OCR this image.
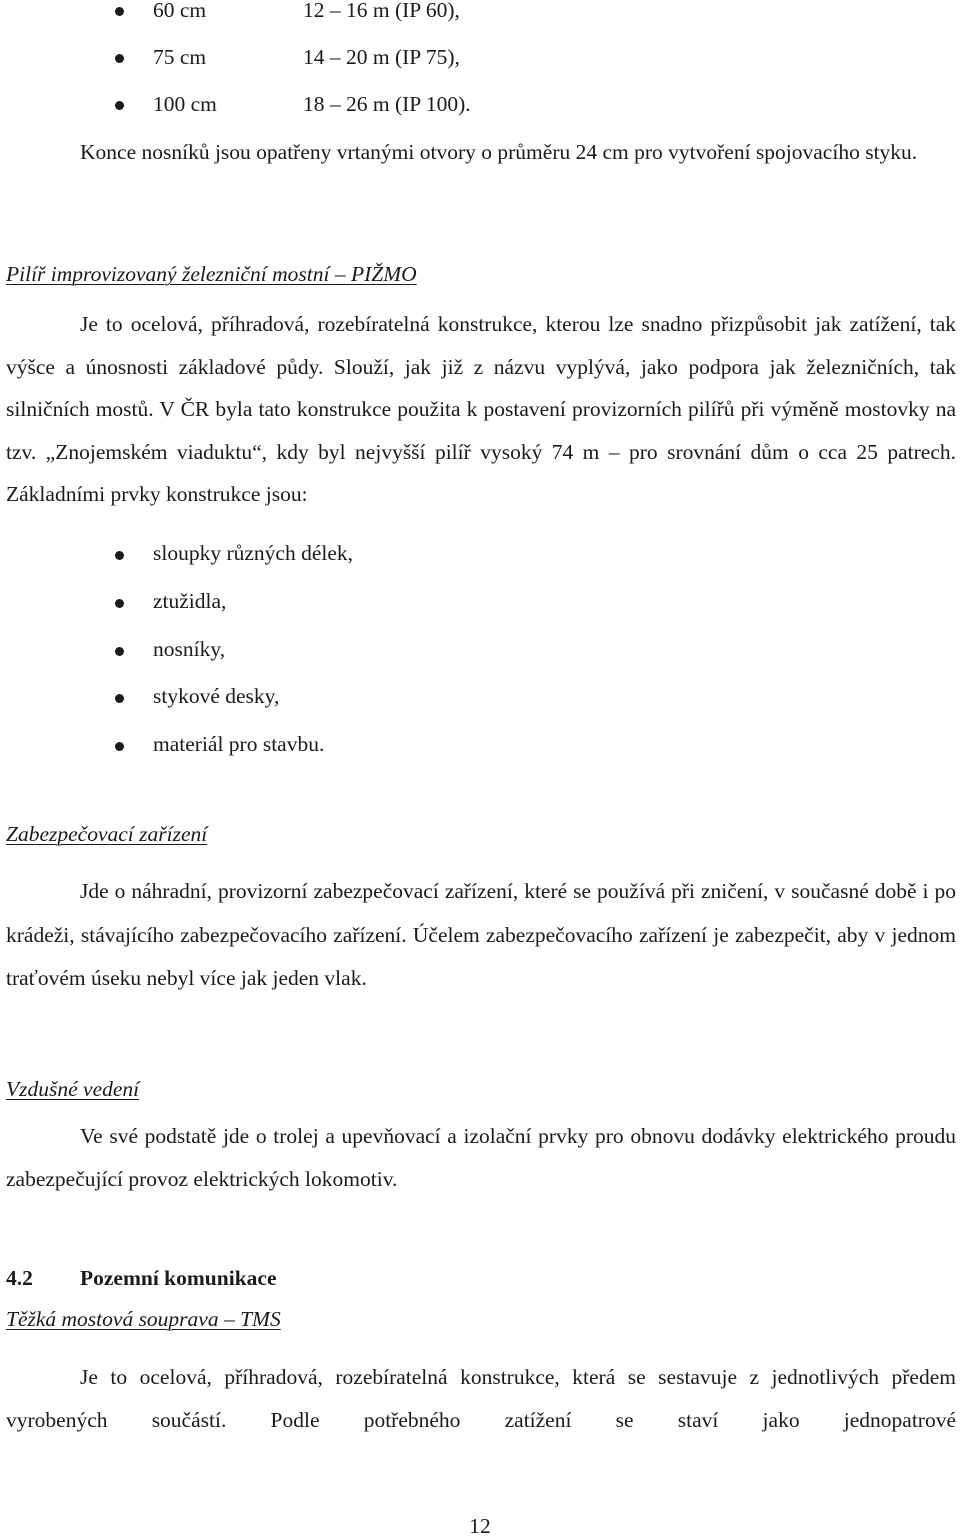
60 cm	12 – 16 m (IP 60),
75 cm	14 – 20 m (IP 75),
100 cm	18 – 26 m (IP 100).

Konce nosníků jsou opatřeny vrtanými otvory o průměru 24 cm pro vytvoření spojovacího styku.

Pilíř improvizovaný železniční mostní – PIŽMO

Je to ocelová, příhradová, rozebíratelná konstrukce, kterou lze snadno přizpůsobit jak zatížení, tak výšce a únosnosti základové půdy. Slouží, jak již z názvu vyplývá, jako podpora jak železničních, tak silničních mostů. V ČR byla tato konstrukce použita k postavení provizorních pilířů při výměně mostovky na tzv. „Znojemském viaduktu“, kdy byl nejvyšší pilíř vysoký 74 m – pro srovnání dům o cca 25 patrech. Základními prvky konstrukce jsou:

sloupky různých délek,
ztužidla,
nosníky,
stykové desky,
materiál pro stavbu.
Zabezpečovací zařízení

Jde o náhradní, provizorní zabezpečovací zařízení, které se používá při zničení, v současné době i po krádeži, stávajícího zabezpečovacího zařízení. Účelem zabezpečovacího zařízení je zabezpečit, aby v jednom traťovém úseku nebyl více jak jeden vlak.

Vzdušné vedení

Ve své podstatě jde o trolej a upevňovací a izolační prvky pro obnovu dodávky elektrického proudu zabezpečující provoz elektrických lokomotiv.

4.2 Pozemní komunikace
Těžká mostová souprava – TMS

Je to ocelová, příhradová, rozebíratelná konstrukce, která se sestavuje z jednotlivých předem vyrobených součástí. Podle potřebného zatížení se staví jako jednopatrové

12
